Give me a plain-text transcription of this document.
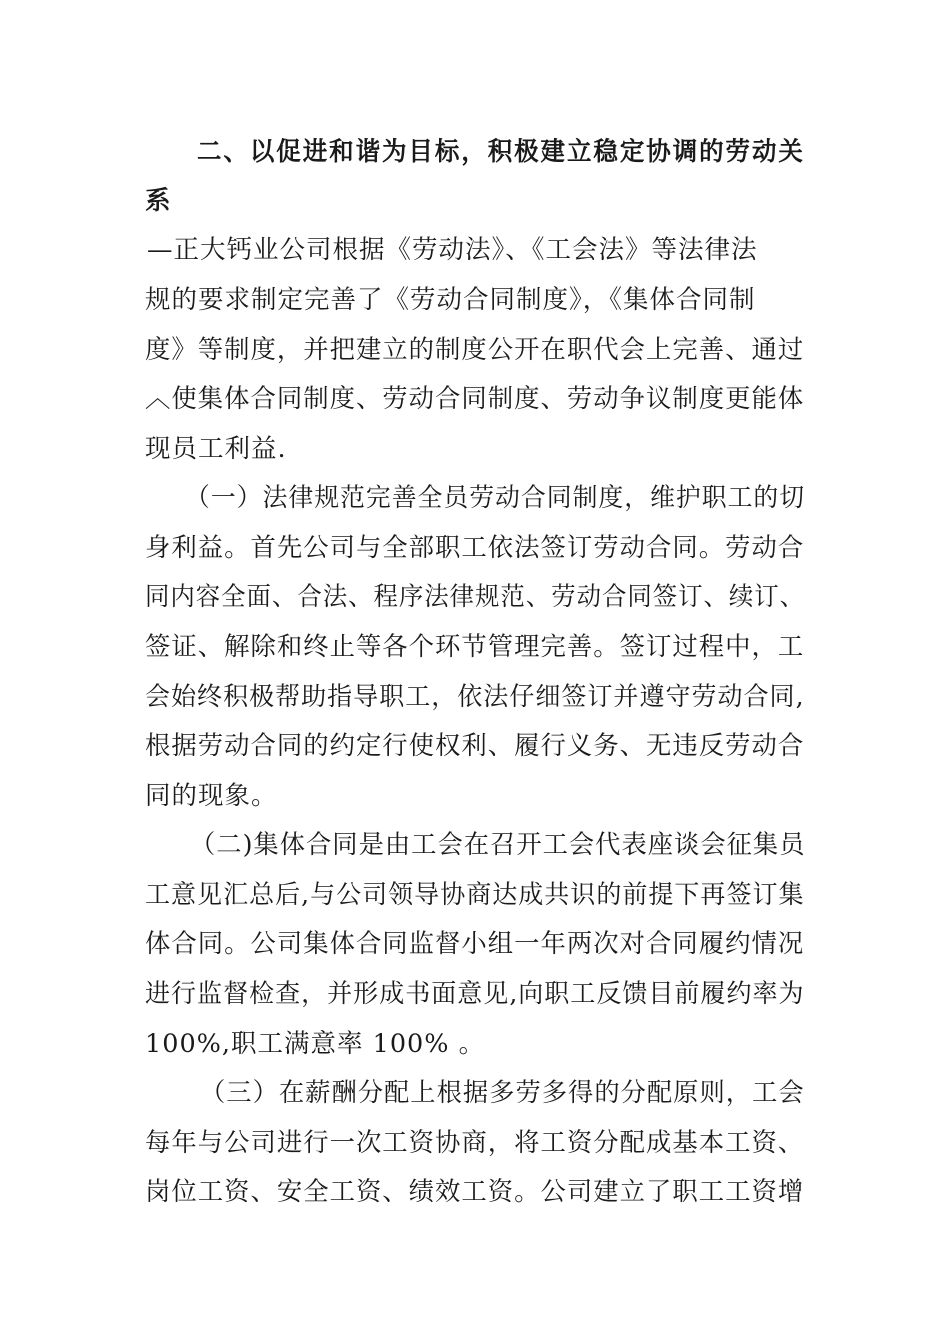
二、以促进和谐为目标，积极建立稳定协调的劳动关
系
—正大钙业公司根据《劳动法》、《工会法》等法律法
规的要求制定完善了《劳动合同制度》，《集体合同制
度》等制度，并把建立的制度公开在职代会上完善、通过
︿使集体合同制度、劳动合同制度、劳动争议制度更能体
现员工利益.
（一）法律规范完善全员劳动合同制度，维护职工的切
身利益。首先公司与全部职工依法签订劳动合同。劳动合
同内容全面、合法、程序法律规范、劳动合同签订、续订、
签证、解除和终止等各个环节管理完善。签订过程中，工
会始终积极帮助指导职工，依法仔细签订并遵守劳动合同,
根据劳动合同的约定行使权利、履行义务、无违反劳动合
同的现象。
（二)集体合同是由工会在召开工会代表座谈会征集员
工意见汇总后,与公司领导协商达成共识的前提下再签订集
体合同。公司集体合同监督小组一年两次对合同履约情况
进行监督检查，并形成书面意见,向职工反馈目前履约率为
100%,职工满意率 100% 。
（三）在薪酬分配上根据多劳多得的分配原则，工会
每年与公司进行一次工资协商，将工资分配成基本工资、
岗位工资、安全工资、绩效工资。公司建立了职工工资增
